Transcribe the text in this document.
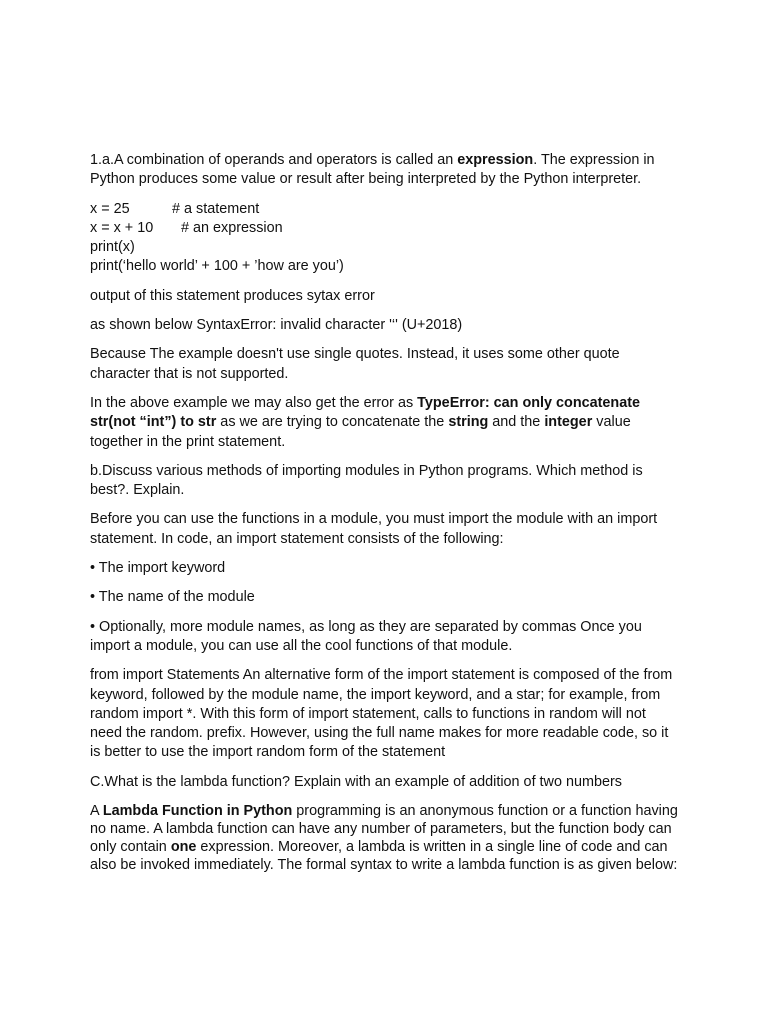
1.a.A combination of operands and operators is called an expression. The expression in Python produces some value or result after being interpreted by the Python interpreter.

x = 25	# a statement
x = x + 10 # an expression
print(x)
print(‘hello world’ + 100 + ’how are you’)

output of this statement produces sytax error

as shown below SyntaxError: invalid character '‘' (U+2018)

Because The example doesn't use single quotes. Instead, it uses some other quote character that is not supported.

In the above example we may also get the error as TypeError: can only concatenate str(not “int”) to str as we are trying to concatenate the string and the integer value together in the print statement.

b.Discuss various methods of importing modules in Python programs. Which method is best?. Explain.

Before you can use the functions in a module, you must import the module with an import statement. In code, an import statement consists of the following:

• The import keyword

• The name of the module

• Optionally, more module names, as long as they are separated by commas Once you import a module, you can use all the cool functions of that module.

from import Statements An alternative form of the import statement is composed of the from keyword, followed by the module name, the import keyword, and a star; for example, from random import *. With this form of import statement, calls to functions in random will not need the random. prefix. However, using the full name makes for more readable code, so it is better to use the import random form of the statement

C.What is the lambda function? Explain with an example of addition of two numbers

A Lambda Function in Python programming is an anonymous function or a function having no name. A lambda function can have any number of parameters, but the function body can only contain one expression. Moreover, a lambda is written in a single line of code and can also be invoked immediately. The formal syntax to write a lambda function is as given below:
